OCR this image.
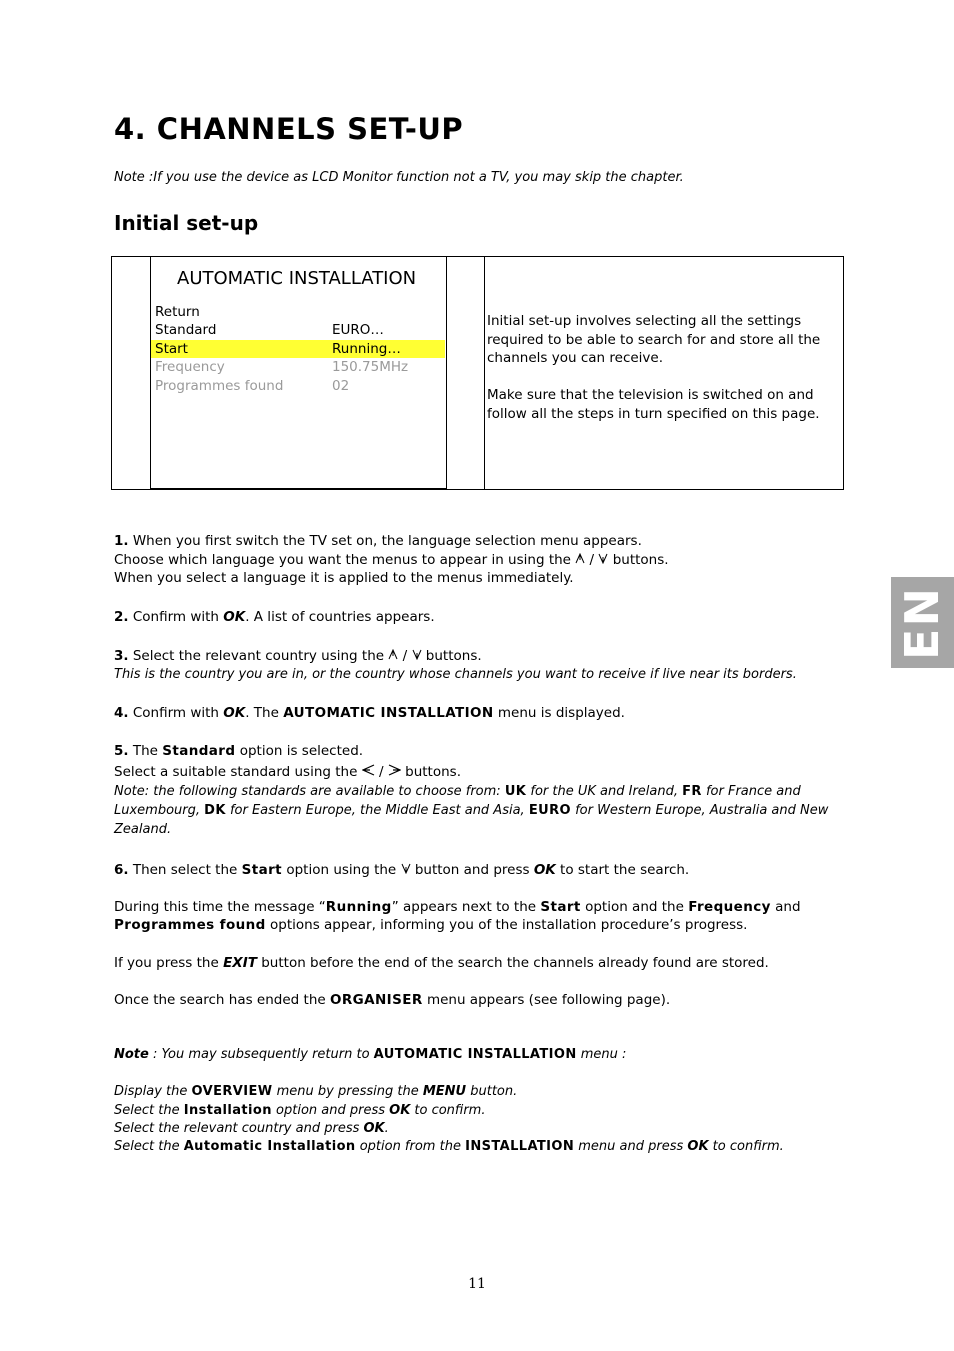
4. CHANNELS SET-UP
Note :If you use the device as LCD Monitor function not a TV, you may skip the chapter.
Initial set-up
AUTOMATIC INSTALLATION
Return
Standard	EURO…
Start	Running…
Frequency	150.75MHz
Programmes found	02
Initial set-up involves selecting all the settings required to be able to search for and store all the channels you can receive.
Make sure that the television is switched on and follow all the steps in turn specified on this page.
1. When you first switch the TV set on, the language selection menu appears.
Choose which language you want the menus to appear in using the  /  buttons.
When you select a language it is applied to the menus immediately.
2. Confirm with OK. A list of countries appears.
3. Select the relevant country using the  /  buttons.
This is the country you are in, or the country whose channels you want to receive if live near its borders.
4. Confirm with OK. The AUTOMATIC INSTALLATION menu is displayed.
5. The Standard option is selected.
Select a suitable standard using the  /  buttons.
Note: the following standards are available to choose from: UK for the UK and Ireland, FR for France and
Luxembourg, DK for Eastern Europe, the Middle East and Asia, EURO for Western Europe, Australia and New
Zealand.
6. Then select the Start option using the  button and press OK to start the search.
During this time the message “Running” appears next to the Start option and the Frequency and
Programmes found options appear, informing you of the installation procedure’s progress.
If you press the EXIT button before the end of the search the channels already found are stored.
Once the search has ended the ORGANISER menu appears (see following page).
Note : You may subsequently return to AUTOMATIC INSTALLATION menu :
Display the OVERVIEW menu by pressing the MENU button.
Select the Installation option and press OK to confirm.
Select the relevant country and press OK.
Select the Automatic Installation option from the INSTALLATION menu and press OK to confirm.
EN
11
